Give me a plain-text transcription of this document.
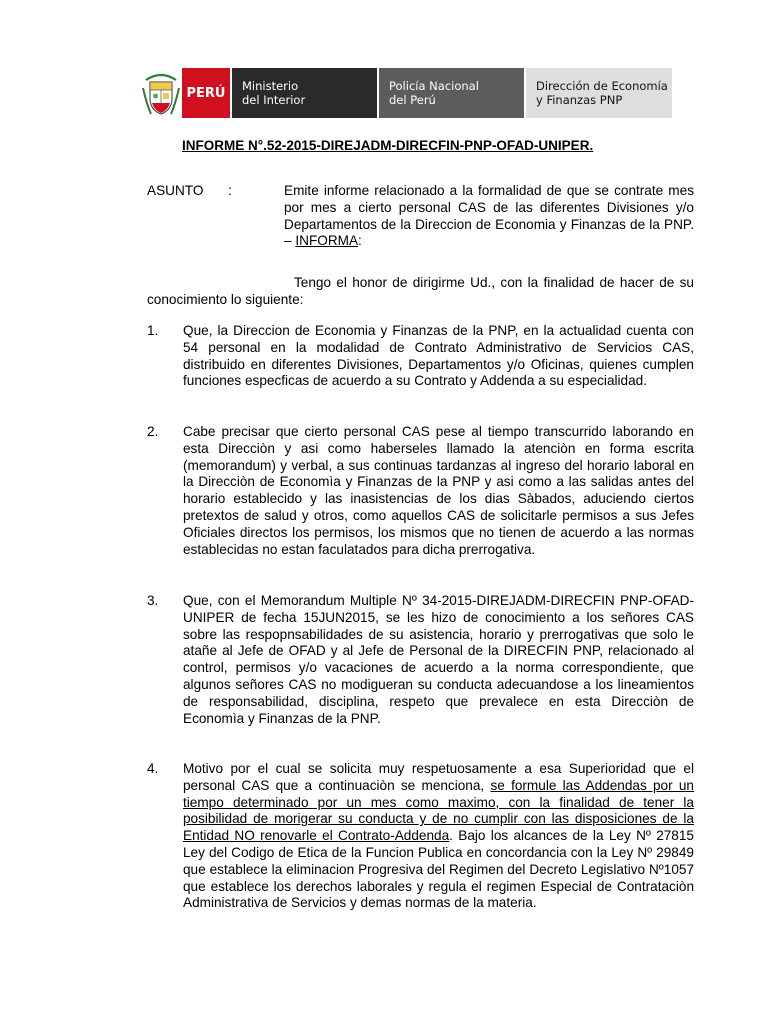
PERÚ	Ministerio
del Interior
Policía Nacional
del Perú
Dirección de Economía
y Finanzas PNP
INFORME N°.52-2015-DIREJADM-DIRECFIN-PNP-OFAD-UNIPER.
ASUNTO :	Emite informe relacionado a la formalidad de que se contrate mes por mes a cierto personal CAS de las diferentes Divisiones y/o Departamentos de la Direccion de Economia y Finanzas de la PNP. – INFORMA:
Tengo el honor de dirigirme Ud., con la finalidad de hacer de su conocimiento lo siguiente:
1. Que, la Direccion de Economia y Finanzas de la PNP, en la actualidad cuenta con 54 personal en la modalidad de Contrato Administrativo de Servicios CAS, distribuido en diferentes Divisiones, Departamentos y/o Oficinas, quienes cumplen funciones especficas de acuerdo a su Contrato y Addenda a su especialidad.
2. Cabe precisar que cierto personal CAS pese al tiempo transcurrido laborando en esta Direcciòn y asi como haberseles llamado la atenciòn en forma escrita (memorandum) y verbal, a sus continuas tardanzas al ingreso del horario laboral en la Direcciòn de Economìa y Finanzas de la PNP y asi como a las salidas antes del horario establecido y las inasistencias de los dias Sàbados, aduciendo ciertos pretextos de salud y otros, como aquellos CAS de solicitarle permisos a sus Jefes Oficiales directos los permisos, los mismos que no tienen de acuerdo a las normas establecidas no estan faculatados para dicha prerrogativa.
3. Que, con el Memorandum Multiple Nº 34-2015-DIREJADM-DIRECFIN PNP-OFAD-UNIPER de fecha 15JUN2015, se les hizo de conocimiento a los señores CAS sobre las respopnsabilidades de su asistencia, horario y prerrogativas que solo le atañe al Jefe de OFAD y al Jefe de Personal de la DIRECFIN PNP, relacionado al control, permisos y/o vacaciones de acuerdo a la norma correspondiente, que algunos señores CAS no modigueran su conducta adecuandose a los lineamientos de responsabilidad, disciplina, respeto que prevalece en esta Direcciòn de Economìa y Finanzas de la PNP.
4. Motivo por el cual se solicita muy respetuosamente a esa Superioridad que el personal CAS que a continuaciòn se menciona, se formule las Addendas por un tiempo determinado por un mes como maximo, con la finalidad de tener la posibilidad de morigerar su conducta y de no cumplir con las disposiciones de la Entidad NO renovarle el Contrato-Addenda. Bajo los alcances de la Ley Nº 27815 Ley del Codigo de Etica de la Funcion Publica en concordancia con la Ley Nº 29849 que establece la eliminacion Progresiva del Regimen del Decreto Legislativo Nº1057 que establece los derechos laborales y regula el regimen Especial de Contrataciòn Administrativa de Servicios y demas normas de la materia.
